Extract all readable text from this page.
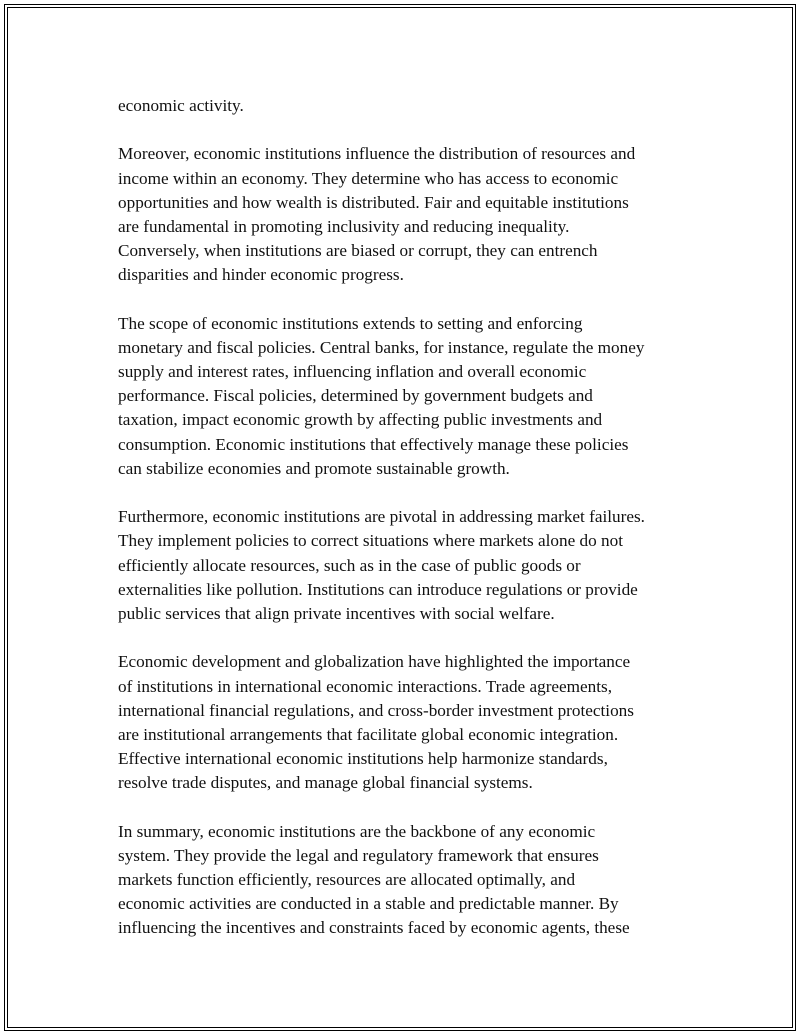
economic activity.
Moreover, economic institutions influence the distribution of resources and
income within an economy. They determine who has access to economic
opportunities and how wealth is distributed. Fair and equitable institutions
are fundamental in promoting inclusivity and reducing inequality.
Conversely, when institutions are biased or corrupt, they can entrench
disparities and hinder economic progress.
The scope of economic institutions extends to setting and enforcing
monetary and fiscal policies. Central banks, for instance, regulate the money
supply and interest rates, influencing inflation and overall economic
performance. Fiscal policies, determined by government budgets and
taxation, impact economic growth by affecting public investments and
consumption. Economic institutions that effectively manage these policies
can stabilize economies and promote sustainable growth.
Furthermore, economic institutions are pivotal in addressing market failures.
They implement policies to correct situations where markets alone do not
efficiently allocate resources, such as in the case of public goods or
externalities like pollution. Institutions can introduce regulations or provide
public services that align private incentives with social welfare.
Economic development and globalization have highlighted the importance
of institutions in international economic interactions. Trade agreements,
international financial regulations, and cross-border investment protections
are institutional arrangements that facilitate global economic integration.
Effective international economic institutions help harmonize standards,
resolve trade disputes, and manage global financial systems.
In summary, economic institutions are the backbone of any economic
system. They provide the legal and regulatory framework that ensures
markets function efficiently, resources are allocated optimally, and
economic activities are conducted in a stable and predictable manner. By
influencing the incentives and constraints faced by economic agents, these
